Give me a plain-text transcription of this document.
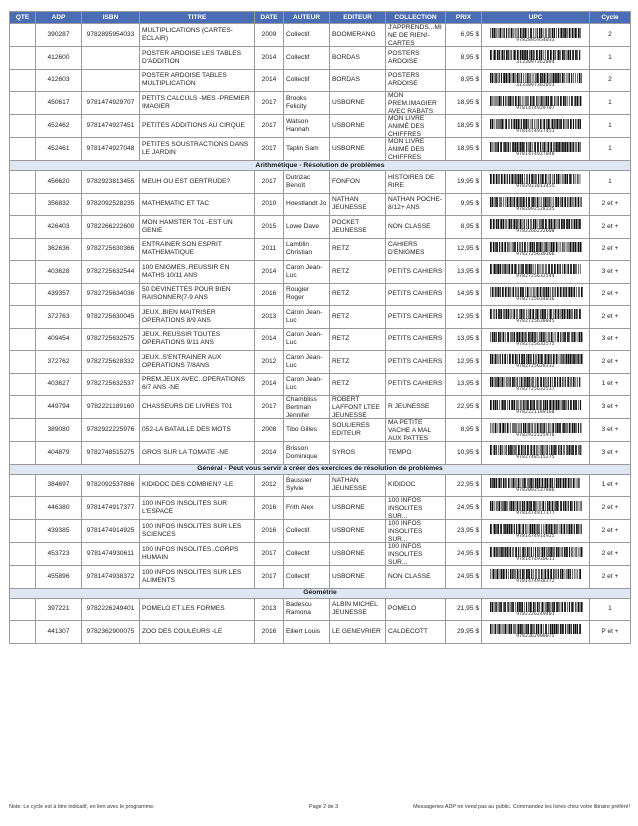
QTE	ADP	ISBN	TITRE	DATE	AUTEUR	EDITEUR	COLLECTION	PRIX	UPC	Cycle
	390287	9782895954033	MULTIPLICATIONS (CARTES-ECLAIR)	2009	Collectif	BOOMERANG	J'APPRENDS...MI NE DE RIEN!-CARTES	6,95 $	9782895954033	2
	412600		POSTER ARDOISE LES TABLES D'ADDITION	2014	Collectif	BORDAS	POSTERS ARDOISE	8,95 $	3133097362084	1
	412603		POSTER ARDOISE TABLES MULTIPLICATION	2014	Collectif	BORDAS	POSTERS ARDOISE	8,95 $	3133097362053	2
	450617	9781474929707	PETITS CALCULS -MES -PREMIER IMAGIER	2017	Brooks Felicity	USBORNE	MON PREM.IMAGIER AVEC RABATS	18,95 $	9781474929707	1
	452462	9781474927451	PETITES ADDITIONS AU CIRQUE	2017	Watson Hannah	USBORNE	MON LIVRE ANIMÉ DES CHIFFRES	18,95 $	9781474927451	1
	452461	9781474927048	PETITES SOUSTRACTIONS DANS LE JARDIN	2017	Taplin Sam	USBORNE	MON LIVRE ANIMÉ DES CHIFFRES	18,95 $	9781474927048	1
Arithmétique - Résolution de problèmes										
	456620	9782923813455	MEUH OU EST GERTRUDE?	2017	Dutrizac Benoît	FONFON	HISTOIRES DE RIRE	19,95 $	9782923813455	1
	356832	9782092528235	MATHEMATIC ET TAC	2010	Hoestlandt Jo	NATHAN JEUNESSE	NATHAN POCHE-8/12+ ANS	9,95 $	9782092528235	2 et +
	426403	9782266222600	MON HAMSTER T01 -EST UN GENIE	2015	Lowe Dave	POCKET JEUNESSE	NON CLASSE	8,95 $	9782266222600	2 et +
	362636	9782725630366	ENTRAINER SON ESPRIT MATHEMATIQUE	2011	Lamblin Christian	RETZ	CAHIERS D'ENIGMES	12,95 $	9782725630366	2 et +
	403628	9782725632544	100 ENIGMES..REUSSIR EN MATHS 10/11 ANS	2014	Caron Jean-Luc	RETZ	PETITS CAHIERS	13,95 $	9782725632544	3 et +
	439357	9782725634036	50 DEVINETTES POUR BIEN RAISONNER(7-9 ANS	2016	Rougier Roger	RETZ	PETITS CAHIERS	14,95 $	9782725634036	2 et +
	372763	9782725630045	JEUX..BIEN MAITRISER OPERATIONS 8/9 ANS	2013	Caron Jean-Luc	RETZ	PETITS CAHIERS	12,95 $	9782725630045	2 et +
	409454	9782725632575	JEUX..REUSSIR TOUTES OPERATIONS 9/11 ANS	2014	Caron Jean-Luc	RETZ	PETITS CAHIERS	13,95 $	9782725632575	3 et +
	372762	9782725628332	JEUX..S'ENTRAINER AUX OPERATIONS 7/8ANS	2012	Caron Jean-Luc	RETZ	PETITS CAHIERS	12,95 $	9782725628332	2 et +
	403627	9782725632537	PREM.JEUX AVEC..OPERATIONS 6/7 ANS -NE	2014	Caron Jean-Luc	RETZ	PETITS CAHIERS	13,95 $	9782725632537	1 et +
	449794	9782221189160	CHASSEURS DE LIVRES T01	2017	Chambliss Bertman Jennifer	ROBERT LAFFONT LTEE JEUNESSE	R JEUNESSE	22,95 $	9782221189160	3 et +
	389080	9782922225976	052-LA BATAILLE DES MOTS	2008	Tibo Gilles	SOULIERES EDITEUR	MA PETITE VACHE A MAL AUX PATTES	8,95 $	9782922225976	3 et +
	404879	9782748515275	GROS SUR LA TOMATE -NE	2014	Brisson Dominique	SYROS	TEMPO	10,95 $	9782748515275	3 et +
Général - Peut vous servir à créer des exercices de résolution de problèmes										
	384697	9782092537886	KIDIDOC DES COMBIEN? -LE	2012	Baussier Sylvie	NATHAN JEUNESSE	KIDIDOC	22,95 $	9782092537886	1 et +
	446380	9781474917377	100 INFOS INSOLITES SUR L'ESPACE	2016	Frith Alex	USBORNE	100 INFOS INSOLITES SUR...	24,95 $	9781474917377	2 et +
	439385	9781474914925	100 INFOS INSOLITES SUR LES SCIENCES	2016	Collectif	USBORNE	100 INFOS INSOLITES SUR...	23,95 $	9781474914925	2 et +
	453723	9781474930611	100 INFOS INSOLITES..CORPS HUMAIN	2017	Collectif	USBORNE	100 INFOS INSOLITES SUR...	24,95 $	9781474930611	2 et +
	455896	9781474938372	100 INFOS INSOLITES SUR LES ALIMENTS	2017	Collectif	USBORNE	NON CLASSE	24,95 $	9781474938372	2 et +
Géométrie										
	397221	9782226249401	POMELO ET LES FORMES	2013	Badescu Ramona	ALBIN MICHEL JEUNESSE	POMELO	21,95 $	9782226249401	1
	441307	9782362900075	ZOO DES COULEURS -LE	2016	Elliert Louis	LE GENEVRIER	CALDECOTT	29,95 $	9782362900075	P et +
Note: Le cycle est à titre indicatif, en lien avec le programme.	Page 2 de 3	Messageries ADP ne vend pas au public. Commandez les livres chez votre libraire préféré!
